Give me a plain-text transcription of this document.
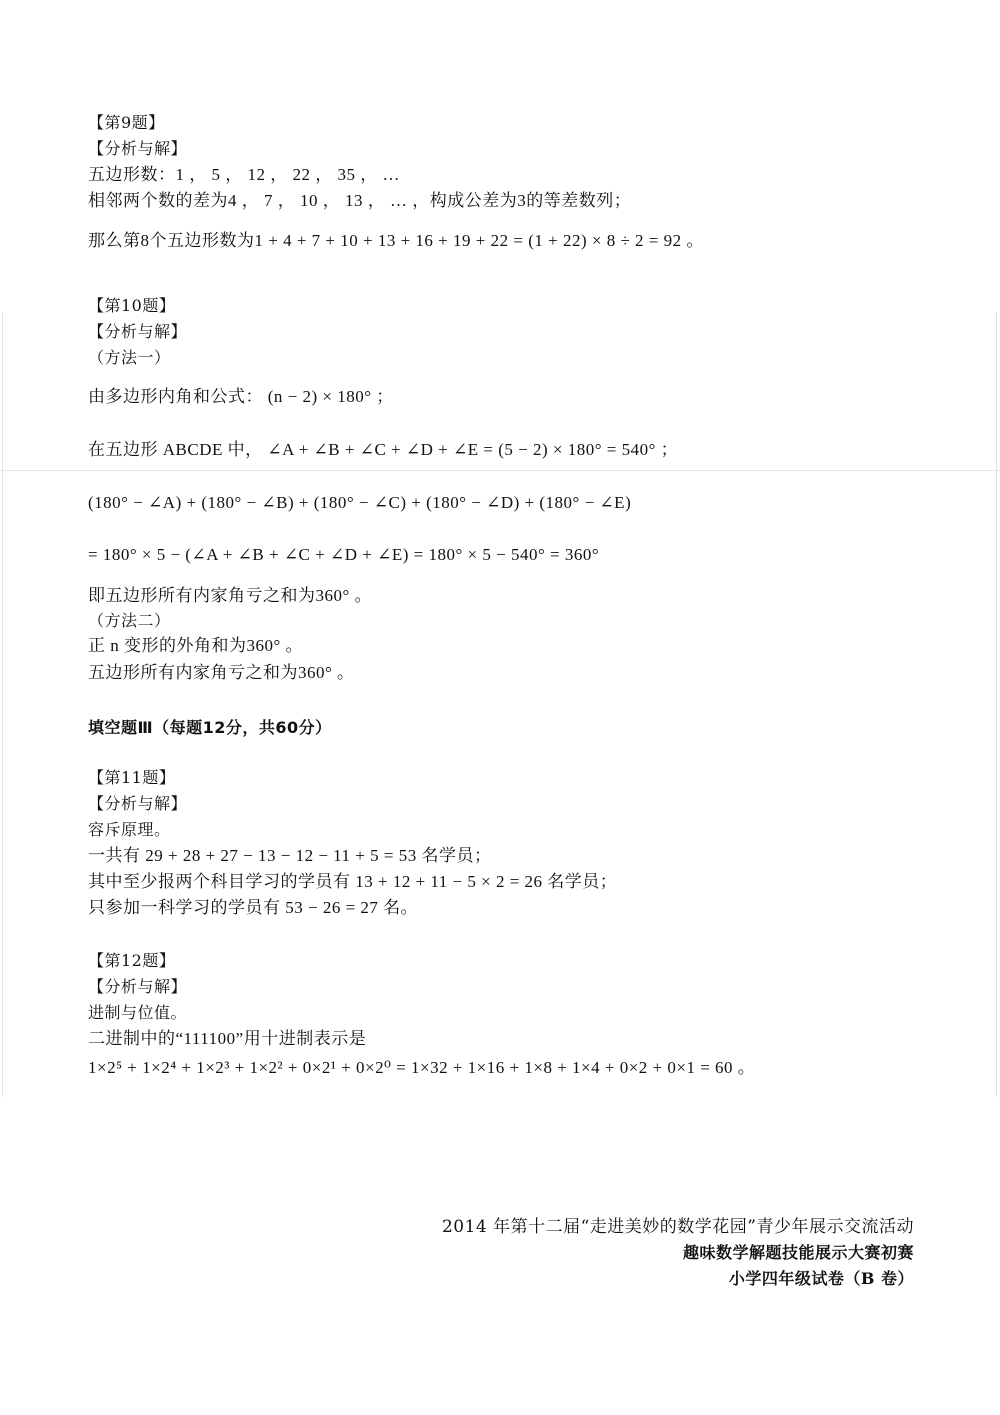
【第9题】
【分析与解】
五边形数：1 ， 5 ， 12 ， 22 ， 35 ， …
相邻两个数的差为4 ， 7 ， 10 ， 13 ， … ，构成公差为3的等差数列；
那么第8个五边形数为1 + 4 + 7 + 10 + 13 + 16 + 19 + 22 = (1 + 22) × 8 ÷ 2 = 92 。
【第10题】
【分析与解】
（方法一）
由多边形内角和公式： (n − 2) × 180° ；
在五边形 ABCDE 中， ∠A + ∠B + ∠C + ∠D + ∠E = (5 − 2) × 180° = 540° ；
(180° − ∠A) + (180° − ∠B) + (180° − ∠C) + (180° − ∠D) + (180° − ∠E)
= 180° × 5 − (∠A + ∠B + ∠C + ∠D + ∠E) = 180° × 5 − 540° = 360°
即五边形所有内家角亏之和为360° 。
（方法二）
正 n 变形的外角和为360° 。
五边形所有内家角亏之和为360° 。
填空题Ⅲ（每题12分，共60分）
【第11题】
【分析与解】
容斥原理。
一共有 29 + 28 + 27 − 13 − 12 − 11 + 5 = 53 名学员；
其中至少报两个科目学习的学员有 13 + 12 + 11 − 5 × 2 = 26 名学员；
只参加一科学习的学员有 53 − 26 = 27 名。
【第12题】
【分析与解】
进制与位值。
二进制中的“111100”用十进制表示是
1×2⁵ + 1×2⁴ + 1×2³ + 1×2² + 0×2¹ + 0×2⁰ = 1×32 + 1×16 + 1×8 + 1×4 + 0×2 + 0×1 = 60 。
2014 年第十二届“走进美妙的数学花园”青少年展示交流活动
趣味数学解题技能展示大赛初赛
小学四年级试卷（B 卷）
